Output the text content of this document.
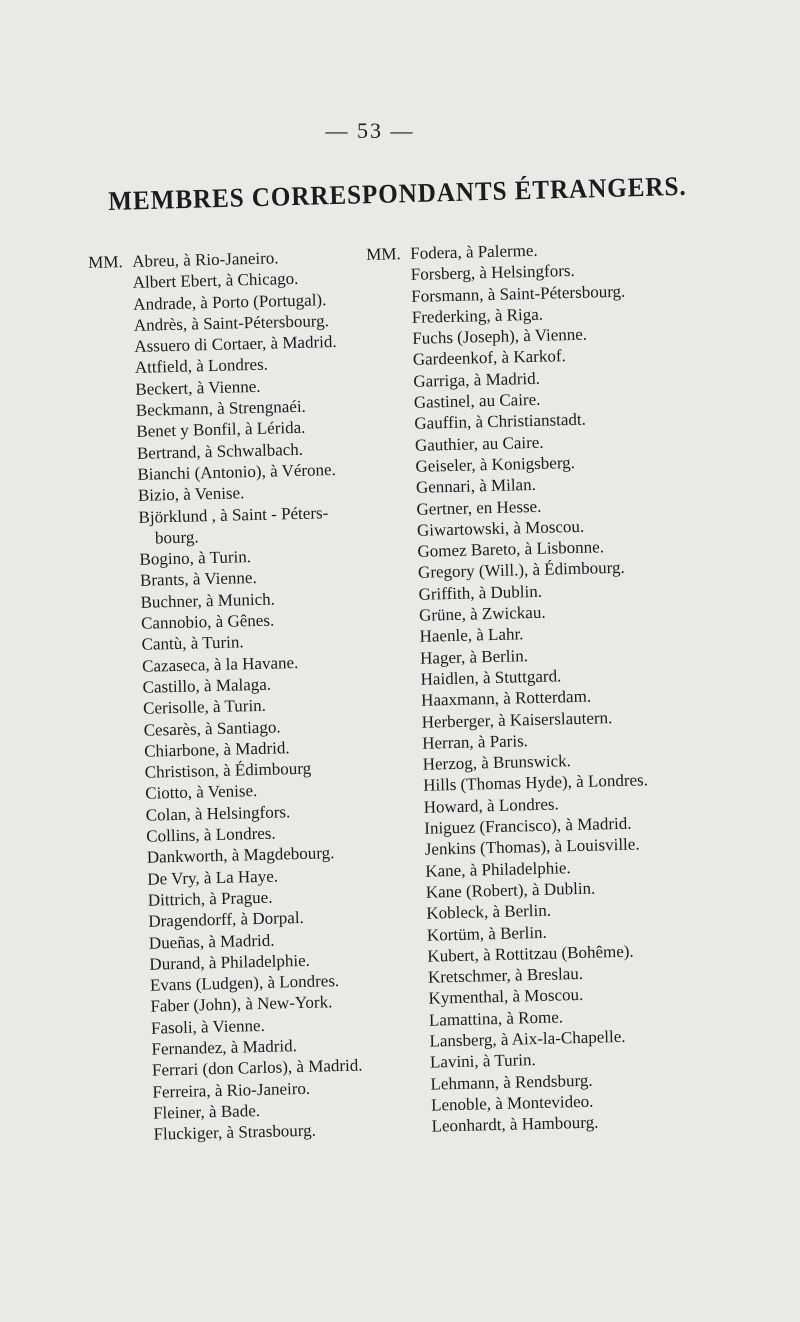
— 53 —
MEMBRES CORRESPONDANTS ÉTRANGERS.
MM. Abreu, à Rio-Janeiro.
Albert Ebert, à Chicago.
Andrade, à Porto (Portugal).
Andrès, à Saint-Pétersbourg.
Assuero di Cortaer, à Madrid.
Attfield, à Londres.
Beckert, à Vienne.
Beckmann, à Strengnaéi.
Benet y Bonfil, à Lérida.
Bertrand, à Schwalbach.
Bianchi (Antonio), à Vérone.
Bizio, à Venise.
Björklund , à Saint - Péters-
bourg.
Bogino, à Turin.
Brants, à Vienne.
Buchner, à Munich.
Cannobio, à Gênes.
Cantù, à Turin.
Cazaseca, à la Havane.
Castillo, à Malaga.
Cerisolle, à Turin.
Cesarès, à Santiago.
Chiarbone, à Madrid.
Christison, à Édimbourg
Ciotto, à Venise.
Colan, à Helsingfors.
Collins, à Londres.
Dankworth, à Magdebourg.
De Vry, à La Haye.
Dittrich, à Prague.
Dragendorff, à Dorpal.
Dueñas, à Madrid.
Durand, à Philadelphie.
Evans (Ludgen), à Londres.
Faber (John), à New-York.
Fasoli, à Vienne.
Fernandez, à Madrid.
Ferrari (don Carlos), à Madrid.
Ferreira, à Rio-Janeiro.
Fleiner, à Bade.
Fluckiger, à Strasbourg.
MM. Fodera, à Palerme.
Forsberg, à Helsingfors.
Forsmann, à Saint-Pétersbourg.
Frederking, à Riga.
Fuchs (Joseph), à Vienne.
Gardeenkof, à Karkof.
Garriga, à Madrid.
Gastinel, au Caire.
Gauffin, à Christianstadt.
Gauthier, au Caire.
Geiseler, à Konigsberg.
Gennari, à Milan.
Gertner, en Hesse.
Giwartowski, à Moscou.
Gomez Bareto, à Lisbonne.
Gregory (Will.), à Édimbourg.
Griffith, à Dublin.
Grüne, à Zwickau.
Haenle, à Lahr.
Hager, à Berlin.
Haidlen, à Stuttgard.
Haaxmann, à Rotterdam.
Herberger, à Kaiserslautern.
Herran, à Paris.
Herzog, à Brunswick.
Hills (Thomas Hyde), à Londres.
Howard, à Londres.
Iniguez (Francisco), à Madrid.
Jenkins (Thomas), à Louisville.
Kane, à Philadelphie.
Kane (Robert), à Dublin.
Kobleck, à Berlin.
Kortüm, à Berlin.
Kubert, à Rottitzau (Bohême).
Kretschmer, à Breslau.
Kymenthal, à Moscou.
Lamattina, à Rome.
Lansberg, à Aix-la-Chapelle.
Lavini, à Turin.
Lehmann, à Rendsburg.
Lenoble, à Montevideo.
Leonhardt, à Hambourg.
